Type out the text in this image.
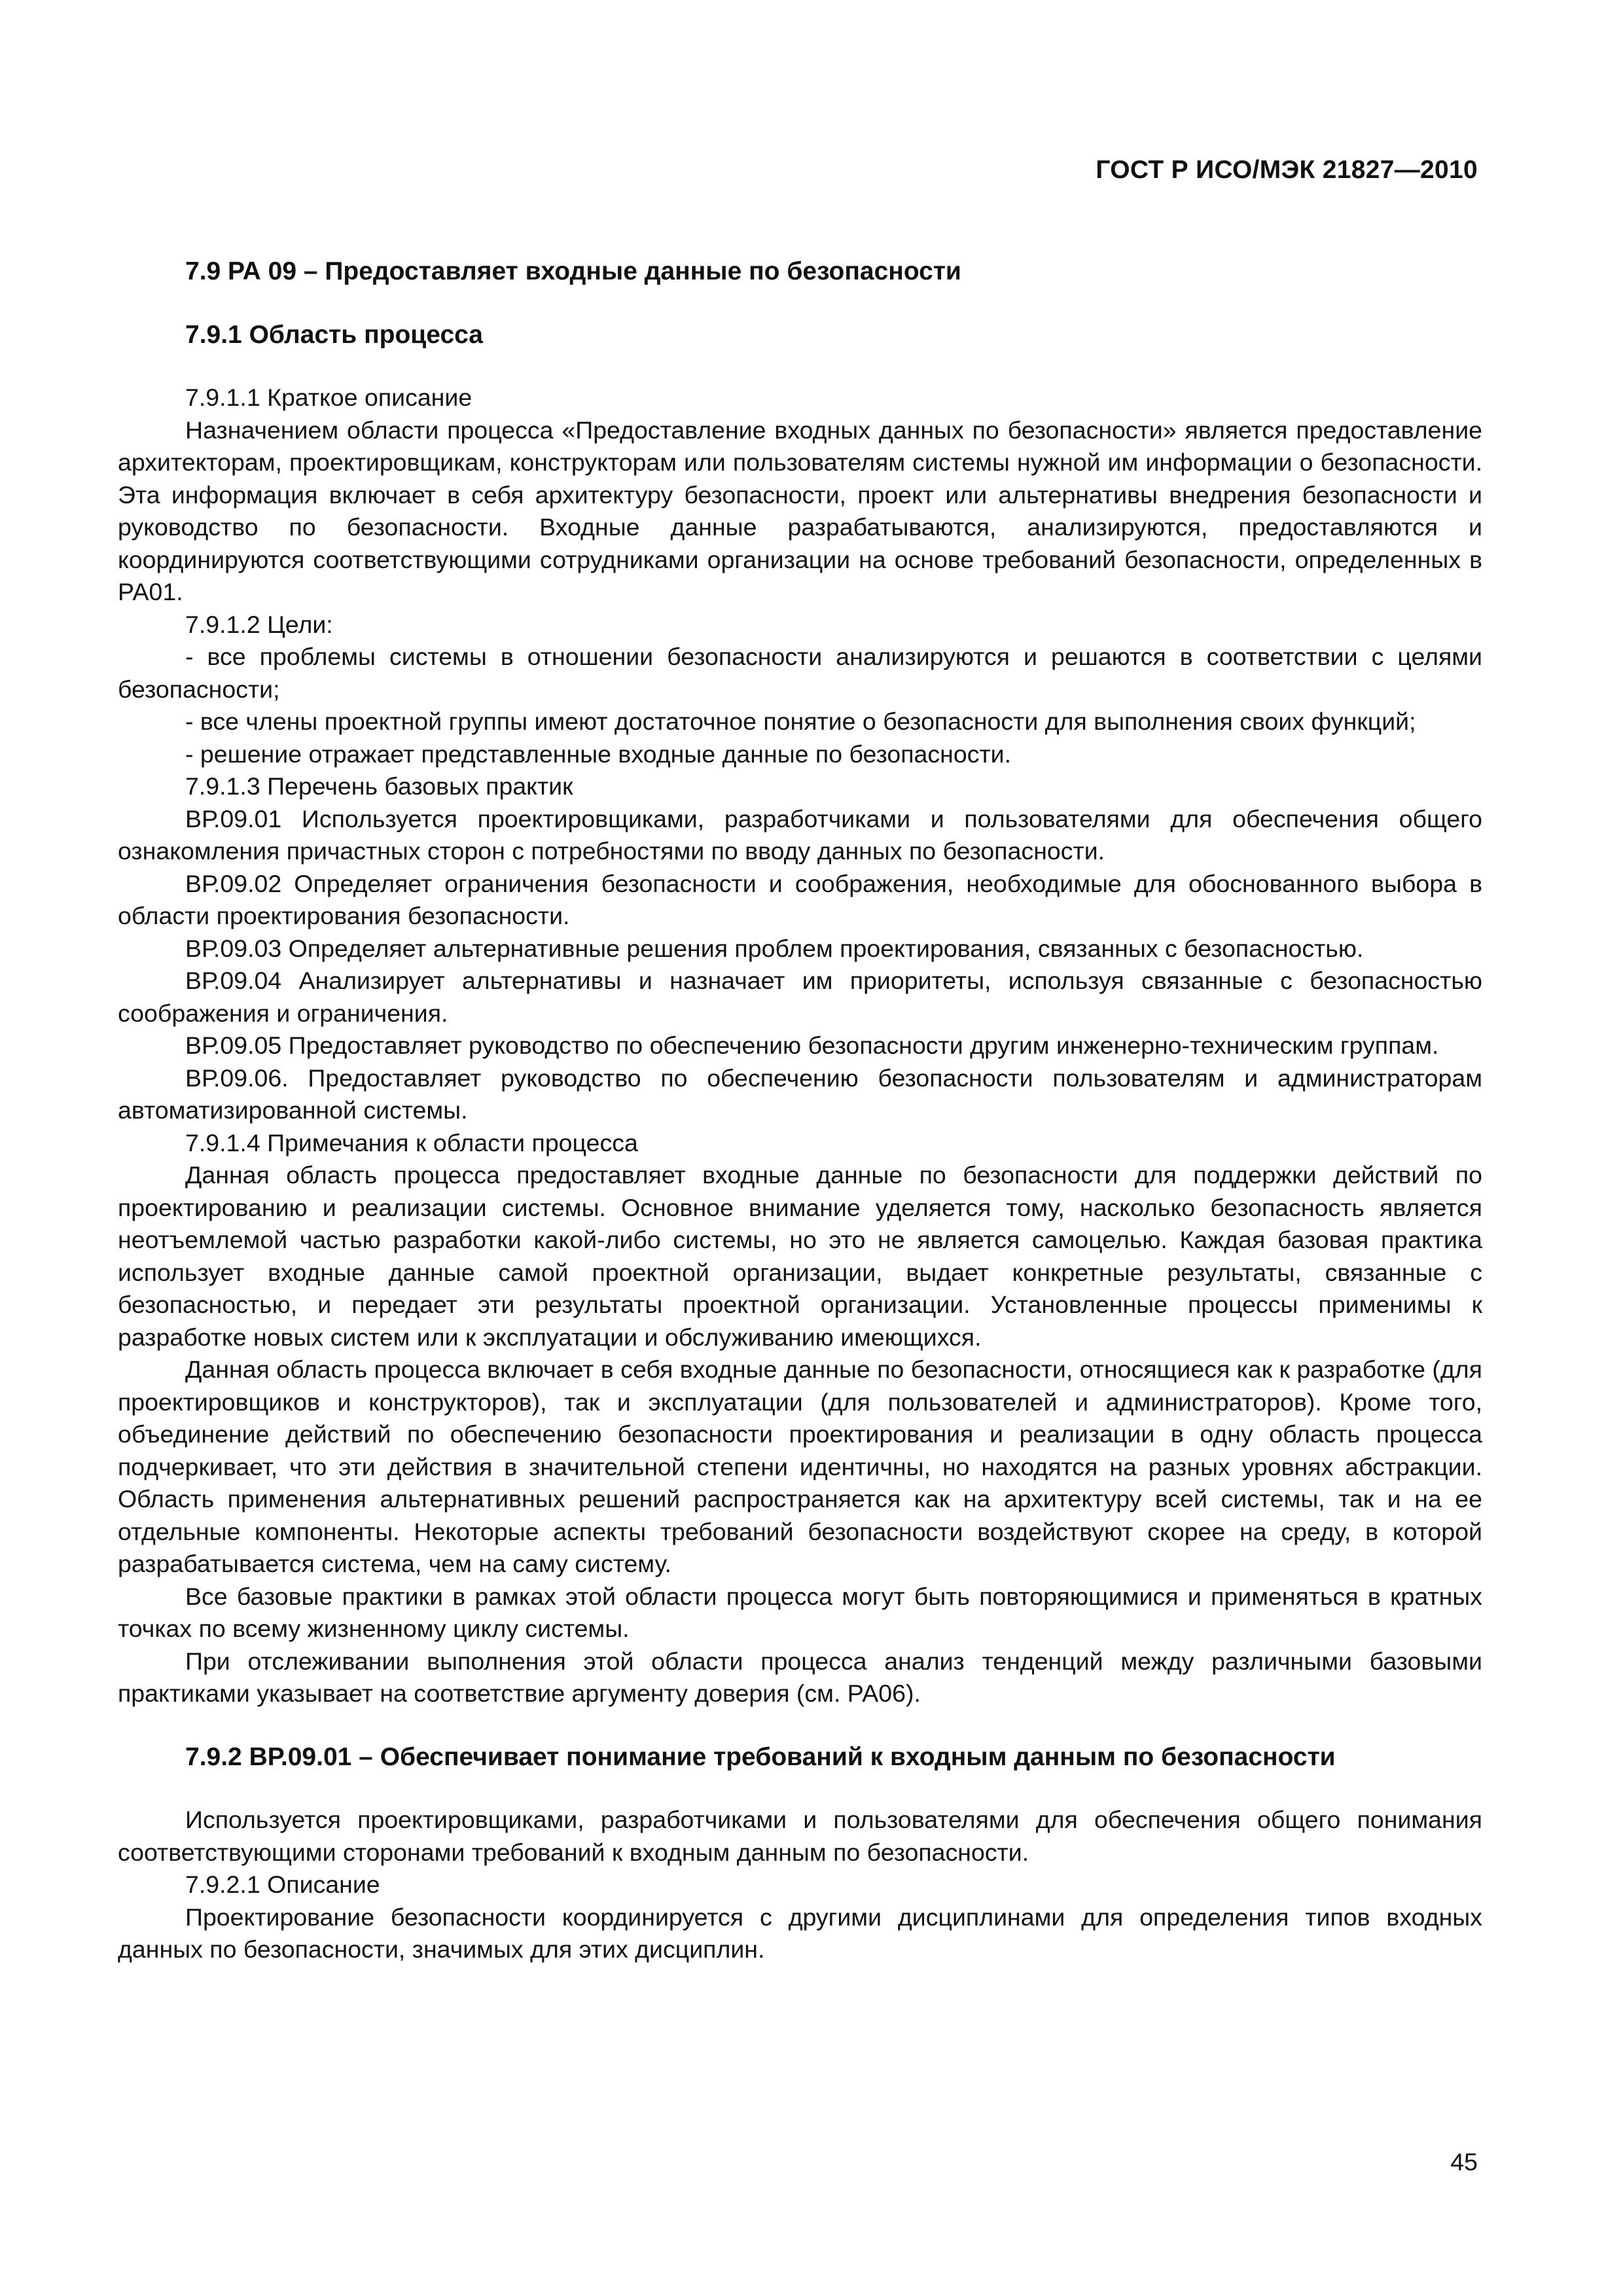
ГОСТ Р ИСО/МЭК 21827—2010
7.9 РА 09 – Предоставляет входные данные по безопасности
7.9.1 Область процесса

7.9.1.1 Краткое описание

Назначением области процесса «Предоставление входных данных по безопасности» является предоставление архитекторам, проектировщикам, конструкторам или пользователям системы нужной им информации о безопасности. Эта информация включает в себя архитектуру безопасности, проект или альтернативы внедрения безопасности и руководство по безопасности. Входные данные разрабатываются, анализируются, предоставляются и координируются соответствующими сотрудниками организации на основе требований безопасности, определенных в РА01.

7.9.1.2 Цели:

- все проблемы системы в отношении безопасности анализируются и решаются в соответствии с целями безопасности;

- все члены проектной группы имеют достаточное понятие о безопасности для выполнения своих функций;

- решение отражает представленные входные данные по безопасности.

7.9.1.3 Перечень базовых практик

ВР.09.01 Используется проектировщиками, разработчиками и пользователями для обеспечения общего ознакомления причастных сторон с потребностями по вводу данных по безопасности.

ВР.09.02 Определяет ограничения безопасности и соображения, необходимые для обоснованного выбора в области проектирования безопасности.

ВР.09.03 Определяет альтернативные решения проблем проектирования, связанных с безопасностью.

ВР.09.04 Анализирует альтернативы и назначает им приоритеты, используя связанные с безопасностью соображения и ограничения.

ВР.09.05 Предоставляет руководство по обеспечению безопасности другим инженерно-техническим группам.

ВР.09.06. Предоставляет руководство по обеспечению безопасности пользователям и администраторам автоматизированной системы.

7.9.1.4 Примечания к области процесса

Данная область процесса предоставляет входные данные по безопасности для поддержки действий по проектированию и реализации системы. Основное внимание уделяется тому, насколько безопасность является неотъемлемой частью разработки какой-либо системы, но это не является самоцелью. Каждая базовая практика использует входные данные самой проектной организации, выдает конкретные результаты, связанные с безопасностью, и передает эти результаты проектной организации. Установленные процессы применимы к разработке новых систем или к эксплуатации и обслуживанию имеющихся.

Данная область процесса включает в себя входные данные по безопасности, относящиеся как к разработке (для проектировщиков и конструкторов), так и эксплуатации (для пользователей и администраторов). Кроме того, объединение действий по обеспечению безопасности проектирования и реализации в одну область процесса подчеркивает, что эти действия в значительной степени идентичны, но находятся на разных уровнях абстракции. Область применения альтернативных решений распространяется как на архитектуру всей системы, так и на ее отдельные компоненты. Некоторые аспекты требований безопасности воздействуют скорее на среду, в которой разрабатывается система, чем на саму систему.

Все базовые практики в рамках этой области процесса могут быть повторяющимися и применяться в кратных точках по всему жизненному циклу системы.

При отслеживании выполнения этой области процесса анализ тенденций между различными базовыми практиками указывает на соответствие аргументу доверия (см. РА06).

7.9.2 ВР.09.01 – Обеспечивает понимание требований к входным данным по безопасности

Используется проектировщиками, разработчиками и пользователями для обеспечения общего понимания соответствующими сторонами требований к входным данным по безопасности.

7.9.2.1 Описание

Проектирование безопасности координируется с другими дисциплинами для определения типов входных данных по безопасности, значимых для этих дисциплин.

45
